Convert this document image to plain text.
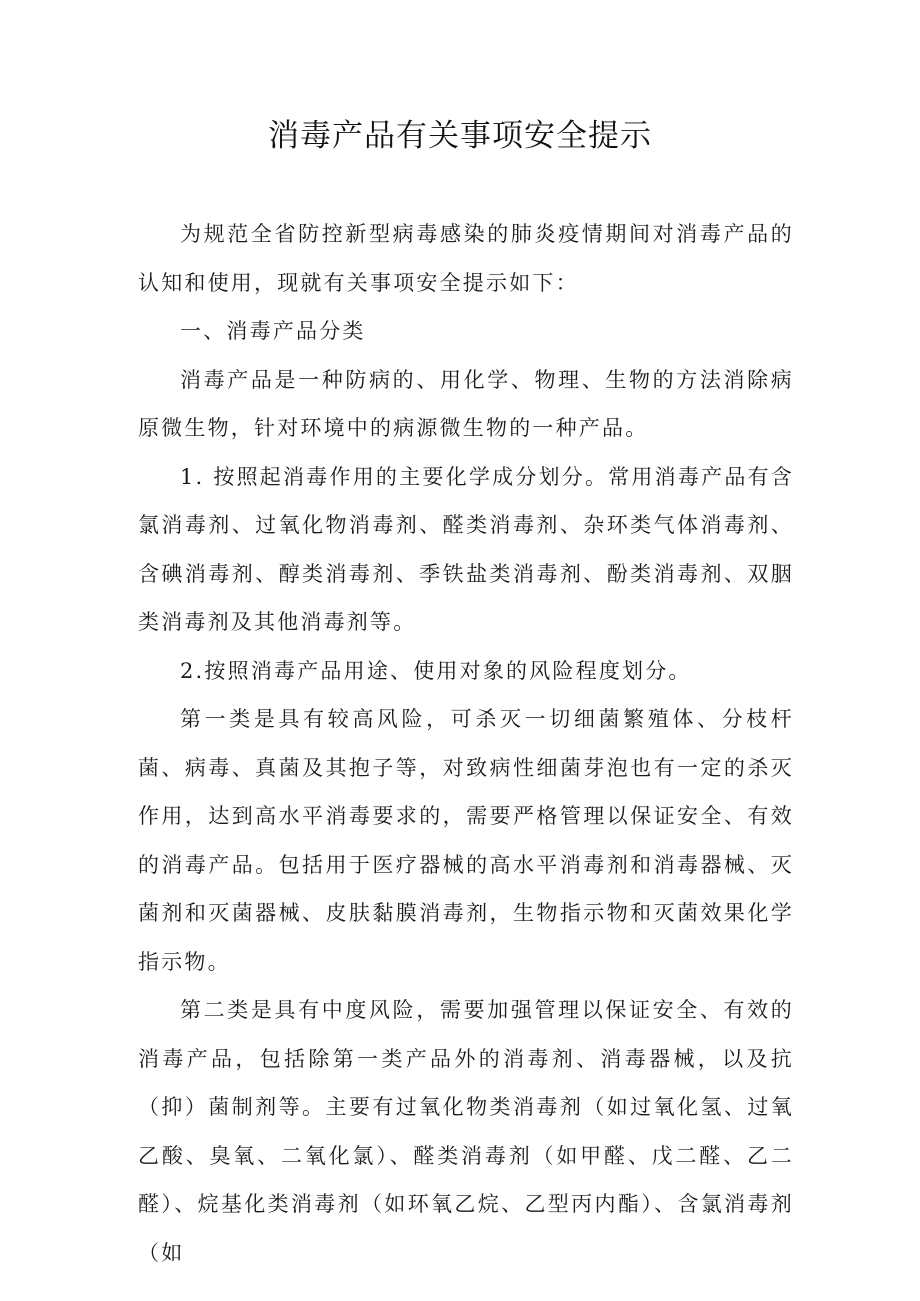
消毒产品有关事项安全提示

为规范全省防控新型病毒感染的肺炎疫情期间对消毒产品的认知和使用，现就有关事项安全提示如下：

一、消毒产品分类

消毒产品是一种防病的、用化学、物理、生物的方法消除病原微生物，针对环境中的病源微生物的一种产品。

1. 按照起消毒作用的主要化学成分划分。常用消毒产品有含氯消毒剂、过氧化物消毒剂、醛类消毒剂、杂环类气体消毒剂、含碘消毒剂、醇类消毒剂、季铁盐类消毒剂、酚类消毒剂、双胭类消毒剂及其他消毒剂等。

2.按照消毒产品用途、使用对象的风险程度划分。

第一类是具有较高风险，可杀灭一切细菌繁殖体、分枝杆菌、病毒、真菌及其抱子等，对致病性细菌芽泡也有一定的杀灭作用，达到高水平消毒要求的，需要严格管理以保证安全、有效的消毒产品。包括用于医疗器械的高水平消毒剂和消毒器械、灭菌剂和灭菌器械、皮肤黏膜消毒剂，生物指示物和灭菌效果化学指示物。

第二类是具有中度风险，需要加强管理以保证安全、有效的消毒产品，包括除第一类产品外的消毒剂、消毒器械，以及抗（抑）菌制剂等。主要有过氧化物类消毒剂（如过氧化氢、过氧乙酸、臭氧、二氧化氯）、醛类消毒剂（如甲醛、戊二醛、乙二醛）、烷基化类消毒剂（如环氧乙烷、乙型丙内酯）、含氯消毒剂（如
